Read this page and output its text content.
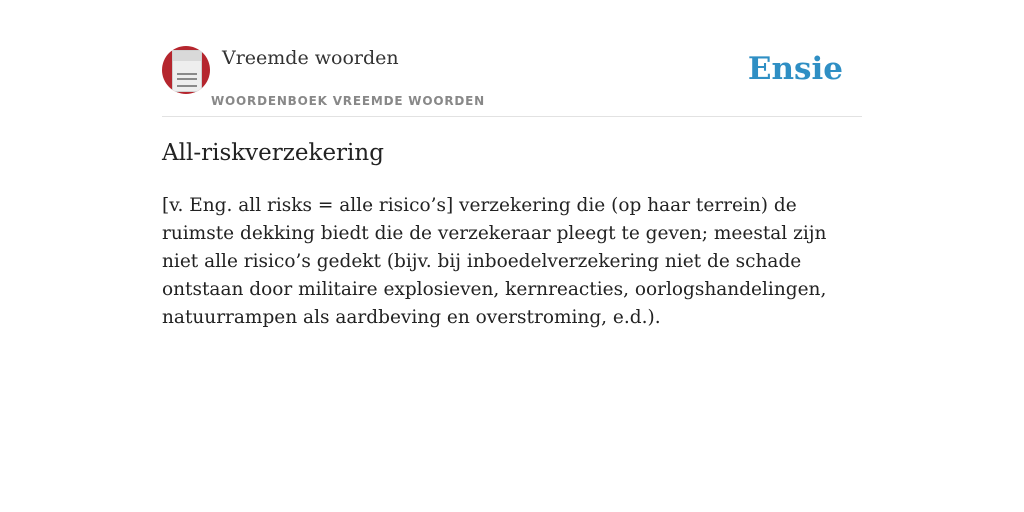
Vreemde woorden
WOORDENBOEK VREEMDE WOORDEN
Ensie
All-riskverzekering

[v. Eng. all risks = alle risico’s] verzekering die (op haar terrein) de ruimste dekking biedt die de verzekeraar pleegt te geven; meestal zijn niet alle risico’s gedekt (bijv. bij inboedelverzekering niet de schade ontstaan door militaire explosieven, kernreacties, oorlogshandelingen, natuurrampen als aardbeving en overstroming, e.d.).
